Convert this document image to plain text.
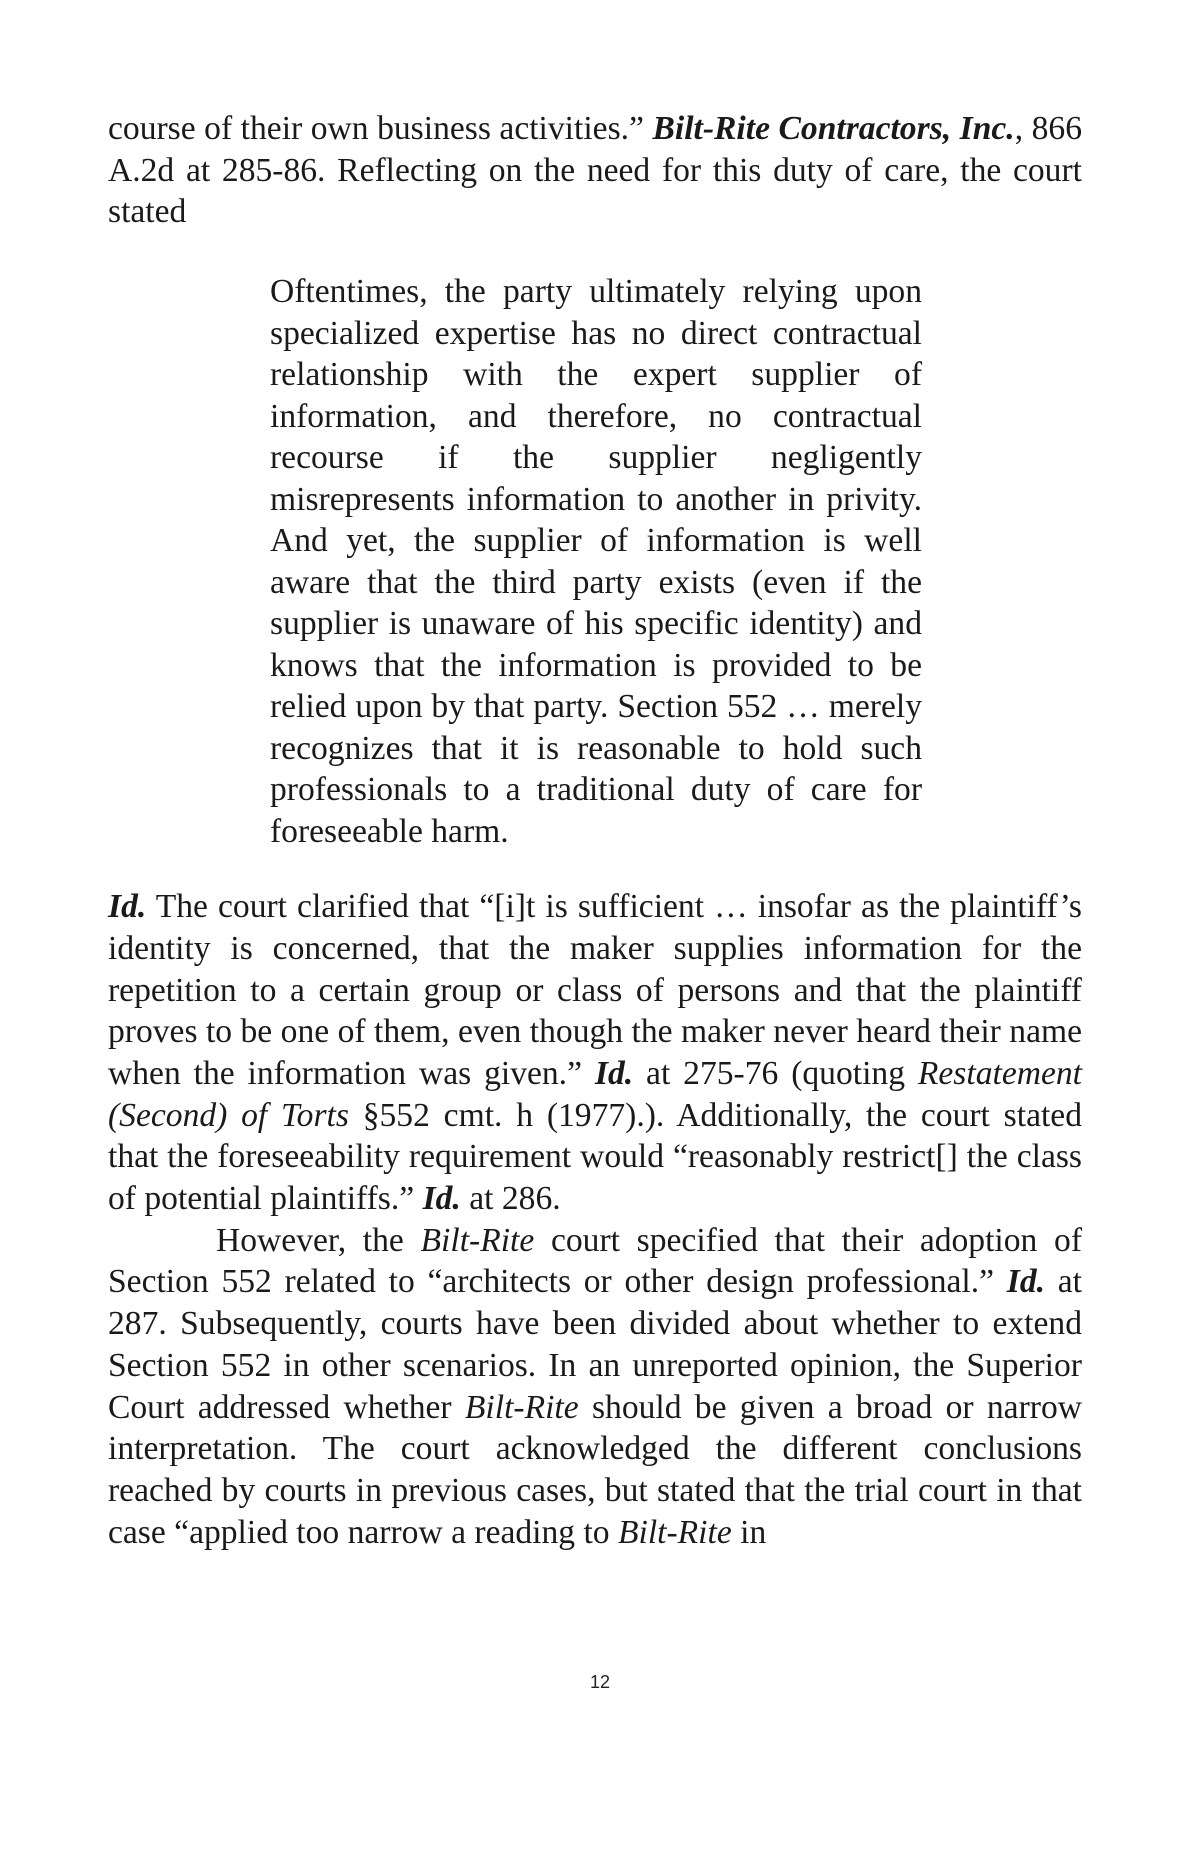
course of their own business activities.” Bilt-Rite Contractors, Inc., 866 A.2d at 285-86. Reflecting on the need for this duty of care, the court stated

Oftentimes, the party ultimately relying upon specialized expertise has no direct contractual relationship with the expert supplier of information, and therefore, no contractual recourse if the supplier negligently misrepresents information to another in privity. And yet, the supplier of information is well aware that the third party exists (even if the supplier is unaware of his specific identity) and knows that the information is provided to be relied upon by that party. Section 552 … merely recognizes that it is reasonable to hold such professionals to a traditional duty of care for foreseeable harm.

Id. The court clarified that “[i]t is sufficient … insofar as the plaintiff’s identity is concerned, that the maker supplies information for the repetition to a certain group or class of persons and that the plaintiff proves to be one of them, even though the maker never heard their name when the information was given.” Id. at 275-76 (quoting Restatement (Second) of Torts §552 cmt. h (1977).). Additionally, the court stated that the foreseeability requirement would “reasonably restrict[] the class of potential plaintiffs.” Id. at 286.

However, the Bilt-Rite court specified that their adoption of Section 552 related to “architects or other design professional.” Id. at 287. Subsequently, courts have been divided about whether to extend Section 552 in other scenarios. In an unreported opinion, the Superior Court addressed whether Bilt-Rite should be given a broad or narrow interpretation. The court acknowledged the different conclusions reached by courts in previous cases, but stated that the trial court in that case “applied too narrow a reading to Bilt-Rite in

12
